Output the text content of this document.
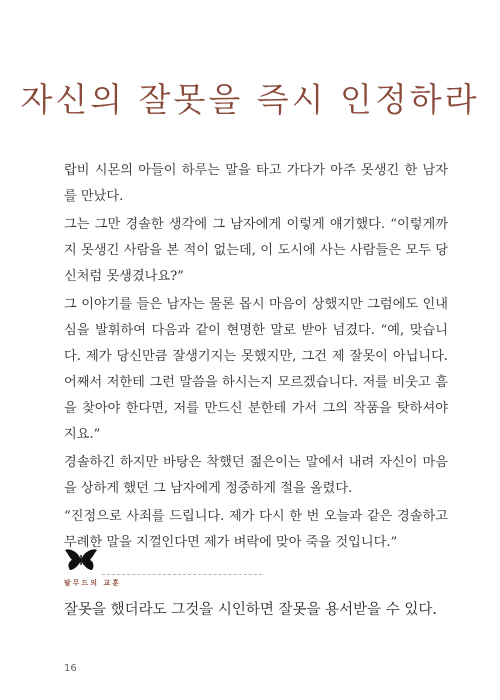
자신의 잘못을 즉시 인정하라

랍비 시몬의 아들이 하루는 말을 타고 가다가 아주 못생긴 한 남자를 만났다.

그는 그만 경솔한 생각에 그 남자에게 이렇게 얘기했다. “이렇게까지 못생긴 사람을 본 적이 없는데, 이 도시에 사는 사람들은 모두 당신처럼 못생겼나요?”

그 이야기를 들은 남자는 물론 몹시 마음이 상했지만 그럼에도 인내심을 발휘하여 다음과 같이 현명한 말로 받아 넘겼다. “예, 맞습니다. 제가 당신만큼 잘생기지는 못했지만, 그건 제 잘못이 아닙니다. 어째서 저한테 그런 말씀을 하시는지 모르겠습니다. 저를 비웃고 흠을 찾아야 한다면, 저를 만드신 분한테 가서 그의 작품을 탓하셔야지요.”

경솔하긴 하지만 바탕은 착했던 젊은이는 말에서 내려 자신이 마음을 상하게 했던 그 남자에게 정중하게 절을 올렸다.

“진정으로 사죄를 드립니다. 제가 다시 한 번 오늘과 같은 경솔하고 무례한 말을 지껄인다면 제가 벼락에 맞아 죽을 것입니다.”

탈무드의 교훈
잘못을 했더라도 그것을 시인하면 잘못을 용서받을 수 있다.
16
